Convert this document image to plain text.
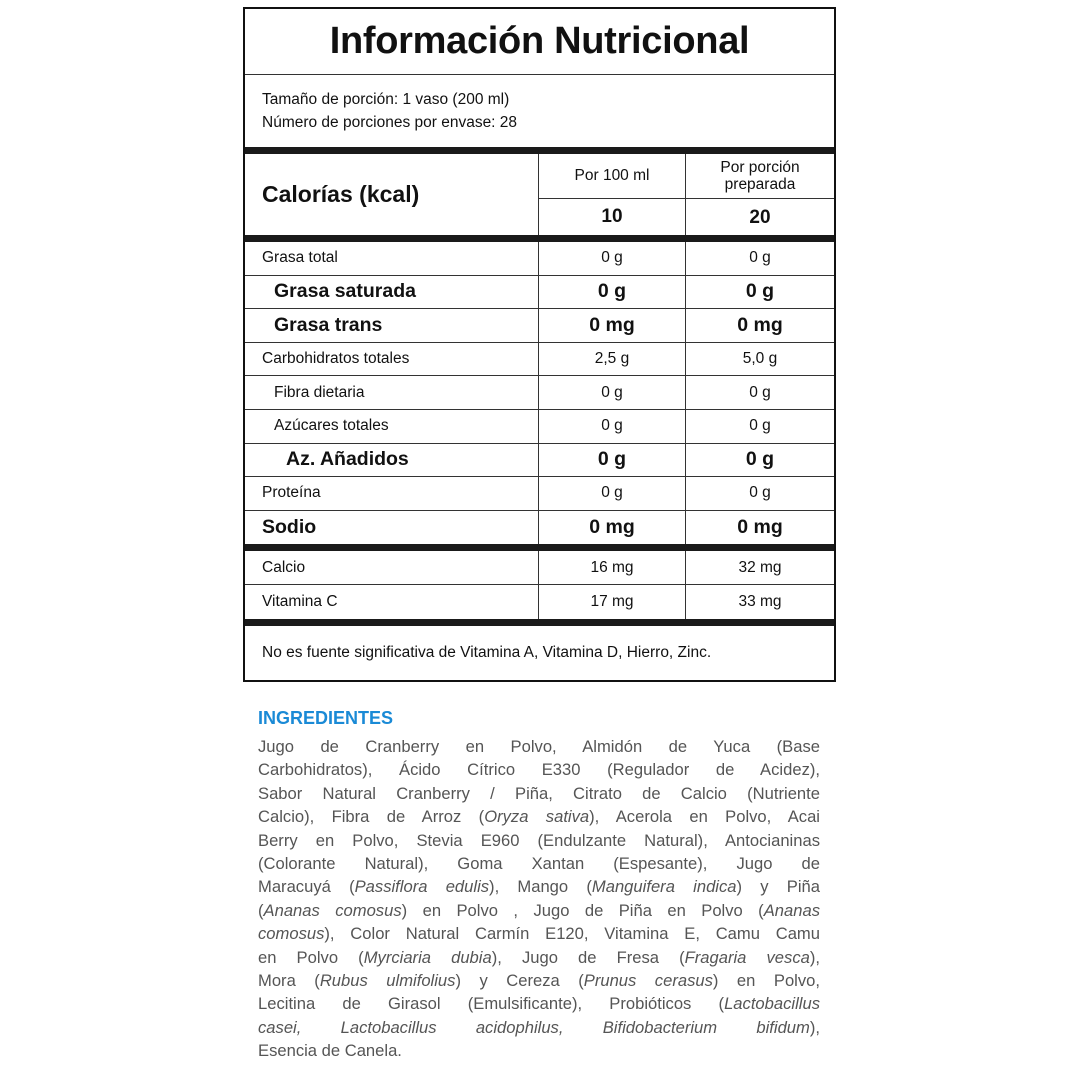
Información Nutricional
Tamaño de porción: 1 vaso (200 ml)
Número de porciones por envase: 28
Calorías (kcal)
Por 100 ml	Por porción preparada
10	20
Grasa total	0 g	0 g
Grasa saturada	0 g	0 g
Grasa trans	0 mg	0 mg
Carbohidratos totales	2,5 g	5,0 g
Fibra dietaria	0 g	0 g
Azúcares totales	0 g	0 g
Az. Añadidos	0 g	0 g
Proteína	0 g	0 g
Sodio	0 mg	0 mg
Calcio	16 mg	32 mg
Vitamina C	17 mg	33 mg
No es fuente significativa de Vitamina A, Vitamina D, Hierro, Zinc.
INGREDIENTES
Jugo de Cranberry en Polvo, Almidón de Yuca (Base
Carbohidratos), Ácido Cítrico E330 (Regulador de Acidez),
Sabor Natural Cranberry / Piña, Citrato de Calcio (Nutriente
Calcio), Fibra de Arroz (Oryza sativa), Acerola en Polvo, Acai
Berry en Polvo, Stevia E960 (Endulzante Natural), Antocianinas
(Colorante Natural), Goma Xantan (Espesante), Jugo de
Maracuyá (Passiflora edulis), Mango (Manguifera indica) y Piña
(Ananas comosus) en Polvo , Jugo de Piña en Polvo (Ananas
comosus), Color Natural Carmín E120, Vitamina E, Camu Camu
en Polvo (Myrciaria dubia), Jugo de Fresa (Fragaria vesca),
Mora (Rubus ulmifolius) y Cereza (Prunus cerasus) en Polvo,
Lecitina de Girasol (Emulsificante), Probióticos (Lactobacillus
casei, Lactobacillus acidophilus, Bifidobacterium bifidum),
Esencia de Canela.
